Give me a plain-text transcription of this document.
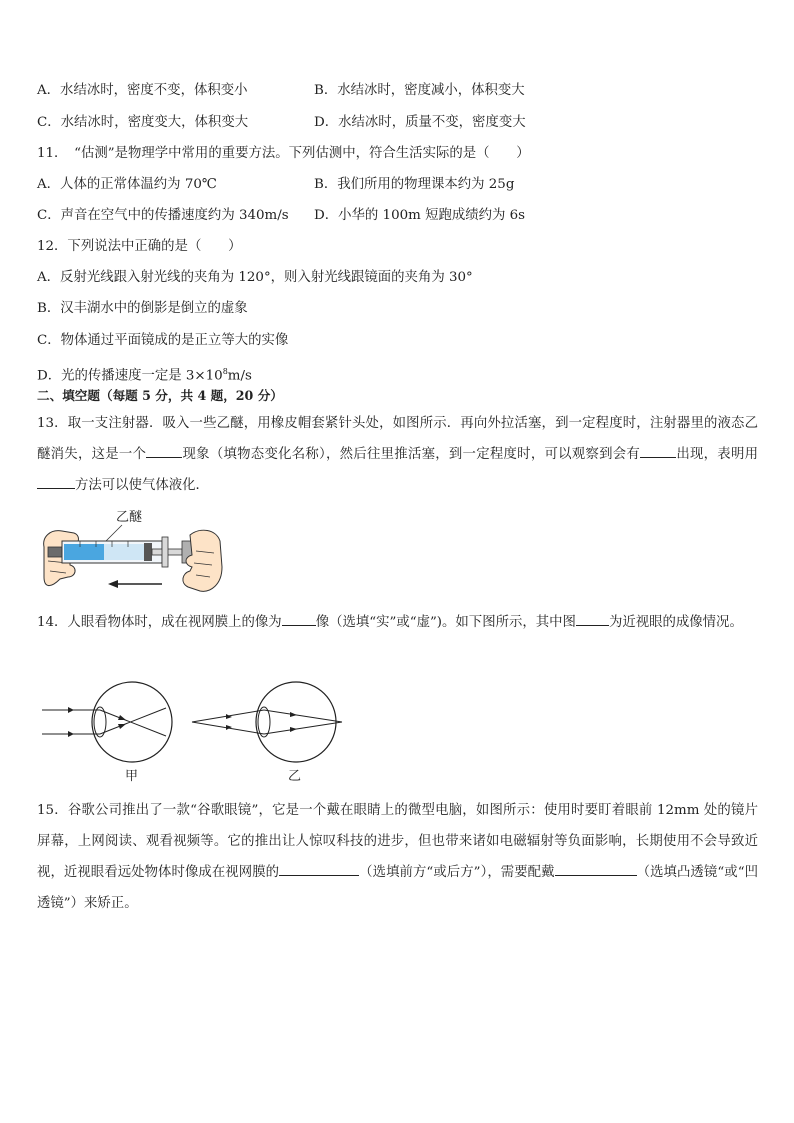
A．水结冰时，密度不变，体积变小	B．水结冰时，密度减小，体积变大
C．水结冰时，密度变大，体积变大	D．水结冰时，质量不变，密度变大
11．　“估测”是物理学中常用的重要方法。下列估测中，符合生活实际的是（　　）
A．人体的正常体温约为 70℃	B．我们所用的物理课本约为 25g
C．声音在空气中的传播速度约为 340m/s D．小华的 100m 短跑成绩约为 6s
12．下列说法中正确的是（　　）
A．反射光线跟入射光线的夹角为 120°，则入射光线跟镜面的夹角为 30°
B．汉丰湖水中的倒影是倒立的虚象
C．物体通过平面镜成的是正立等大的实像
D．光的传播速度一定是 $3\times 10^8m/s$
二、填空题（每题 5 分，共 4 题，20 分）
13．取一支注射器．吸入一些乙醚，用橡皮帽套紧针头处，如图所示．再向外拉活塞，到一定程度时，注射器里的液态乙醚消失，这是一个	现象（填物态变化名称），然后往里推活塞，到一定程度时，可以观察到会有	出现，表明用方法可以使气体液化．
乙醚
14．人眼看物体时，成在视网膜上的像为	像（选填“实”或“虚”)。如下图所示，其中图 为近视眼的成像情况。
甲	乙
15．谷歌公司推出了一款“谷歌眼镜”，它是一个戴在眼睛上的微型电脑，如图所示：使用时要盯着眼前 12mm 处的镜片屏幕，上网阅读、观看视频等。它的推出让人惊叹科技的进步，但也带来诸如电磁辐射等负面影响，长期使用不会导致近视，近视眼看远处物体时像成在视网膜的	（选填前方“或后方”），需要配戴	（选填凸透镜“或“凹透镜”）来矫正。
